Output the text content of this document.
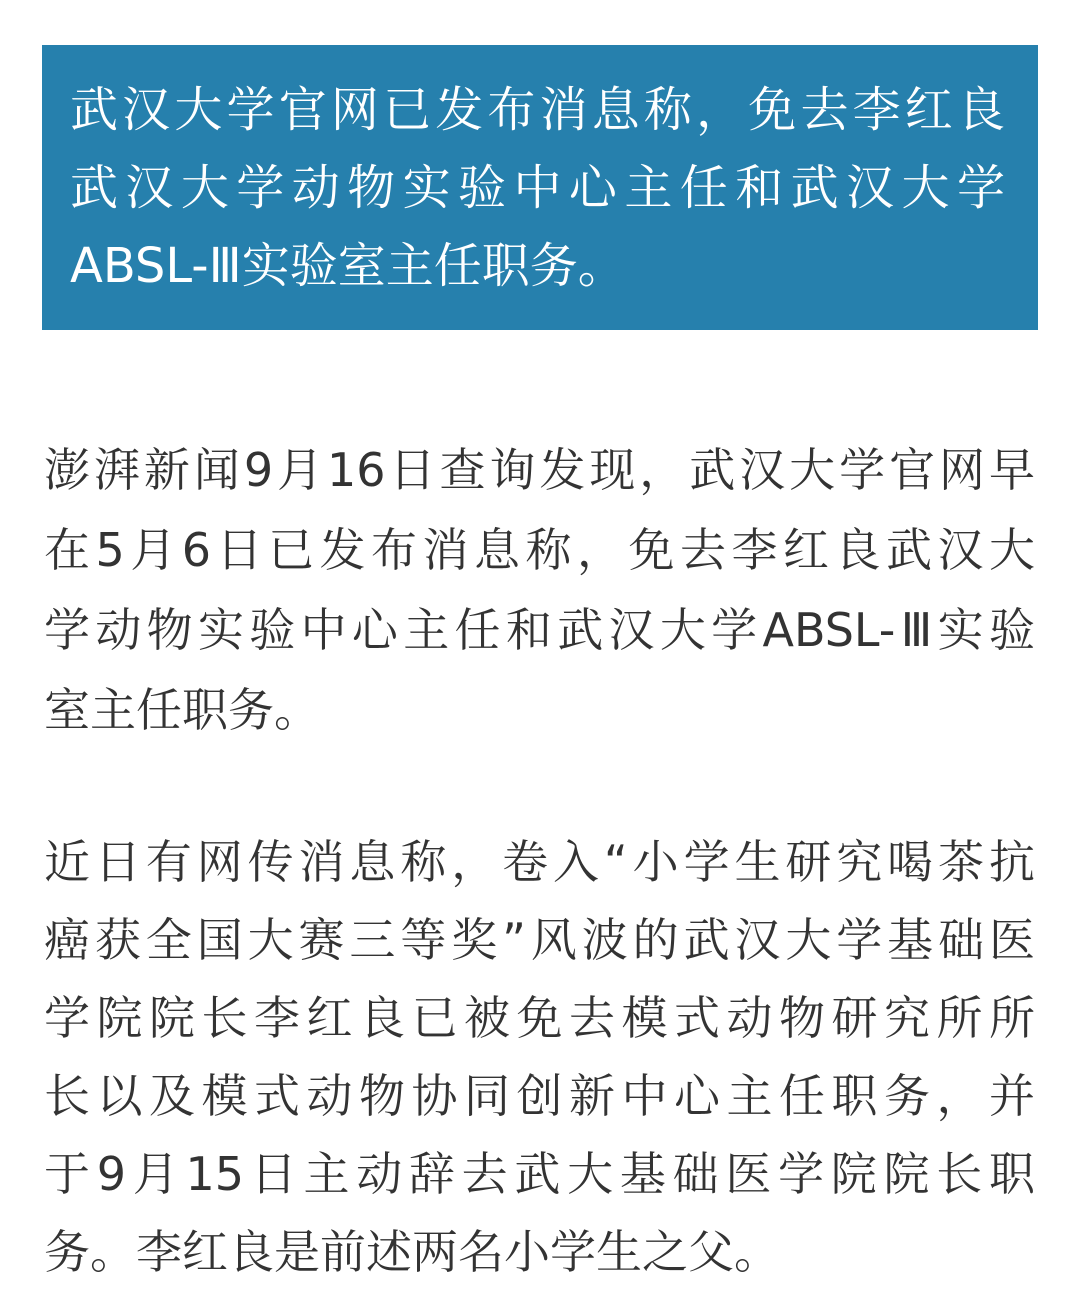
武汉大学官网已发布消息称，免去李红良
武汉大学动物实验中心主任和武汉大学
ABSL-Ⅲ实验室主任职务。
澎湃新闻9月16日查询发现，武汉大学官网早
在5月6日已发布消息称，免去李红良武汉大
学动物实验中心主任和武汉大学ABSL-Ⅲ实验
室主任职务。
近日有网传消息称，卷入“小学生研究喝茶抗
癌获全国大赛三等奖”风波的武汉大学基础医
学院院长李红良已被免去模式动物研究所所
长以及模式动物协同创新中心主任职务，并
于9月15日主动辞去武大基础医学院院长职
务。李红良是前述两名小学生之父。
